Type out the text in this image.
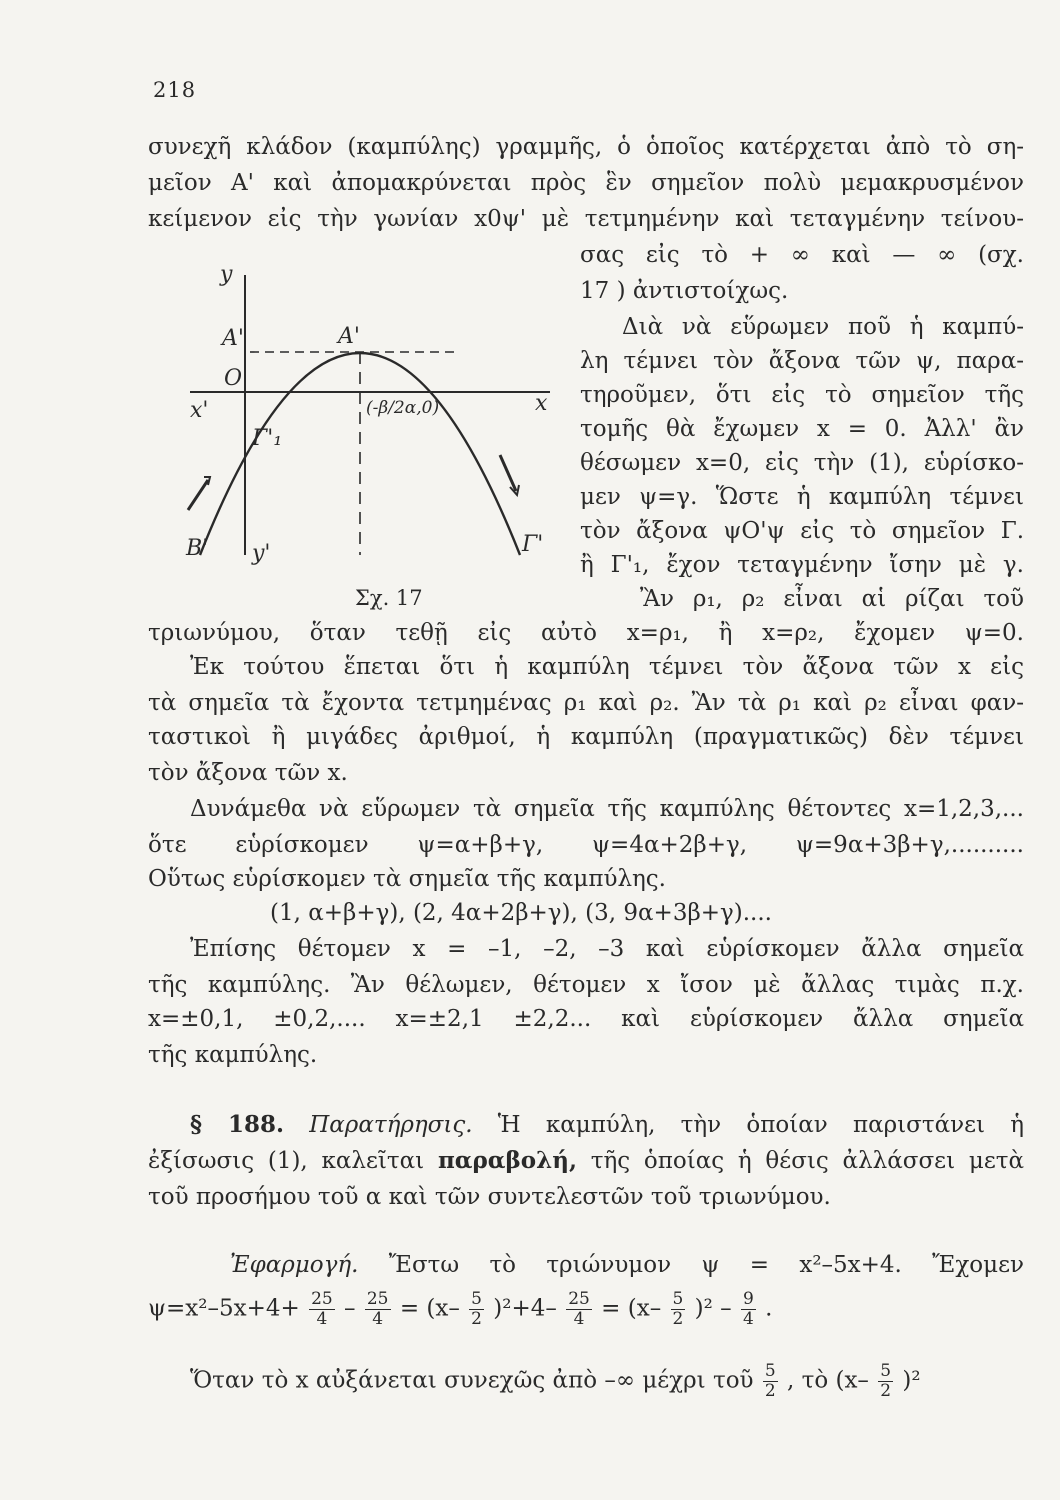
218
συνεχῆ κλάδον (καμπύλης) γραμμῆς, ὁ ὁποῖος κατέρχεται ἀπὸ τὸ ση-
μεῖον Α' καὶ ἀπομακρύνεται πρὸς ἓν σημεῖον πολὺ μεμακρυσμένον
κείμενον εἰς τὴν γωνίαν x0ψ' μὲ τετμημένην καὶ τεταγμένην τείνου-
σας εἰς τὸ + ∞ καὶ — ∞ (σχ.
17 ) ἀντιστοίχως.
Διὰ νὰ εὕρωμεν ποῦ ἡ καμπύ-
λη τέμνει τὸν ἄξονα τῶν ψ, παρα-
τηροῦμεν, ὅτι εἰς τὸ σημεῖον τῆς
τομῆς θὰ ἔχωμεν x = 0. Ἀλλ' ἂν
θέσωμεν x=0, εἰς τὴν (1), εὑρίσκο-
μεν ψ=γ. Ὥστε ἡ καμπύλη τέμνει
τὸν ἄξονα ψΟ'ψ εἰς τὸ σημεῖον Γ.
ἢ Γ'₁, ἔχον τεταγμένην ἴσην μὲ γ.
Ἂν ρ₁, ρ₂ εἶναι αἱ ρίζαι τοῦ
y
Α'	Α'
O
x'	x
(-β/2α,0)
Γ'₁
Β' y'	Γ'
Σχ. 17
τριωνύμου, ὅταν τεθῇ εἰς αὐτὸ x=ρ₁, ἢ x=ρ₂, ἔχομεν ψ=0.
Ἐκ τούτου ἕπεται ὅτι ἡ καμπύλη τέμνει τὸν ἄξονα τῶν x εἰς
τὰ σημεῖα τὰ ἔχοντα τετμημένας ρ₁ καὶ ρ₂. Ἂν τὰ ρ₁ καὶ ρ₂ εἶναι φαν-
ταστικοὶ ἢ μιγάδες ἀριθμοί, ἡ καμπύλη (πραγματικῶς) δὲν τέμνει
τὸν ἄξονα τῶν x.
Δυνάμεθα νὰ εὕρωμεν τὰ σημεῖα τῆς καμπύλης θέτοντες x=1,2,3,...
ὅτε εὑρίσκομεν ψ=α+β+γ, ψ=4α+2β+γ, ψ=9α+3β+γ,..........
Οὕτως εὑρίσκομεν τὰ σημεῖα τῆς καμπύλης.
(1, α+β+γ), (2, 4α+2β+γ), (3, 9α+3β+γ)....
Ἐπίσης θέτομεν x = –1, –2, –3 καὶ εὑρίσκομεν ἄλλα σημεῖα
τῆς καμπύλης. Ἂν θέλωμεν, θέτομεν x ἴσον μὲ ἄλλας τιμὰς π.χ.
x=±0,1, ±0,2,.... x=±2,1 ±2,2... καὶ εὑρίσκομεν ἄλλα σημεῖα
τῆς καμπύλης.
§ 188. Παρατήρησις. Ἡ καμπύλη, τὴν ὁποίαν παριστάνει ἡ
ἐξίσωσις (1), καλεῖται παραβολή, τῆς ὁποίας ἡ θέσις ἀλλάσσει μετὰ
τοῦ προσήμου τοῦ α καὶ τῶν συντελεστῶν τοῦ τριωνύμου.
Ἐφαρμογή. Ἔστω τὸ τριώνυμον ψ = x²–5x+4. Ἔχομεν
$\psi=x^2-5x+4+ \frac{25}{4} - \frac{25}{4} = (x- \frac{5}{2} )^2+4- \frac{25}{4} = (x- \frac{5}{2} )^2 - \frac{9}{4}$ .
Ὅταν τὸ x αὐξάνεται συνεχῶς ἀπὸ –∞ μέχρι τοῦ $\frac{5}{2}$ , τὸ $(x- \frac{5}{2} )^2$
